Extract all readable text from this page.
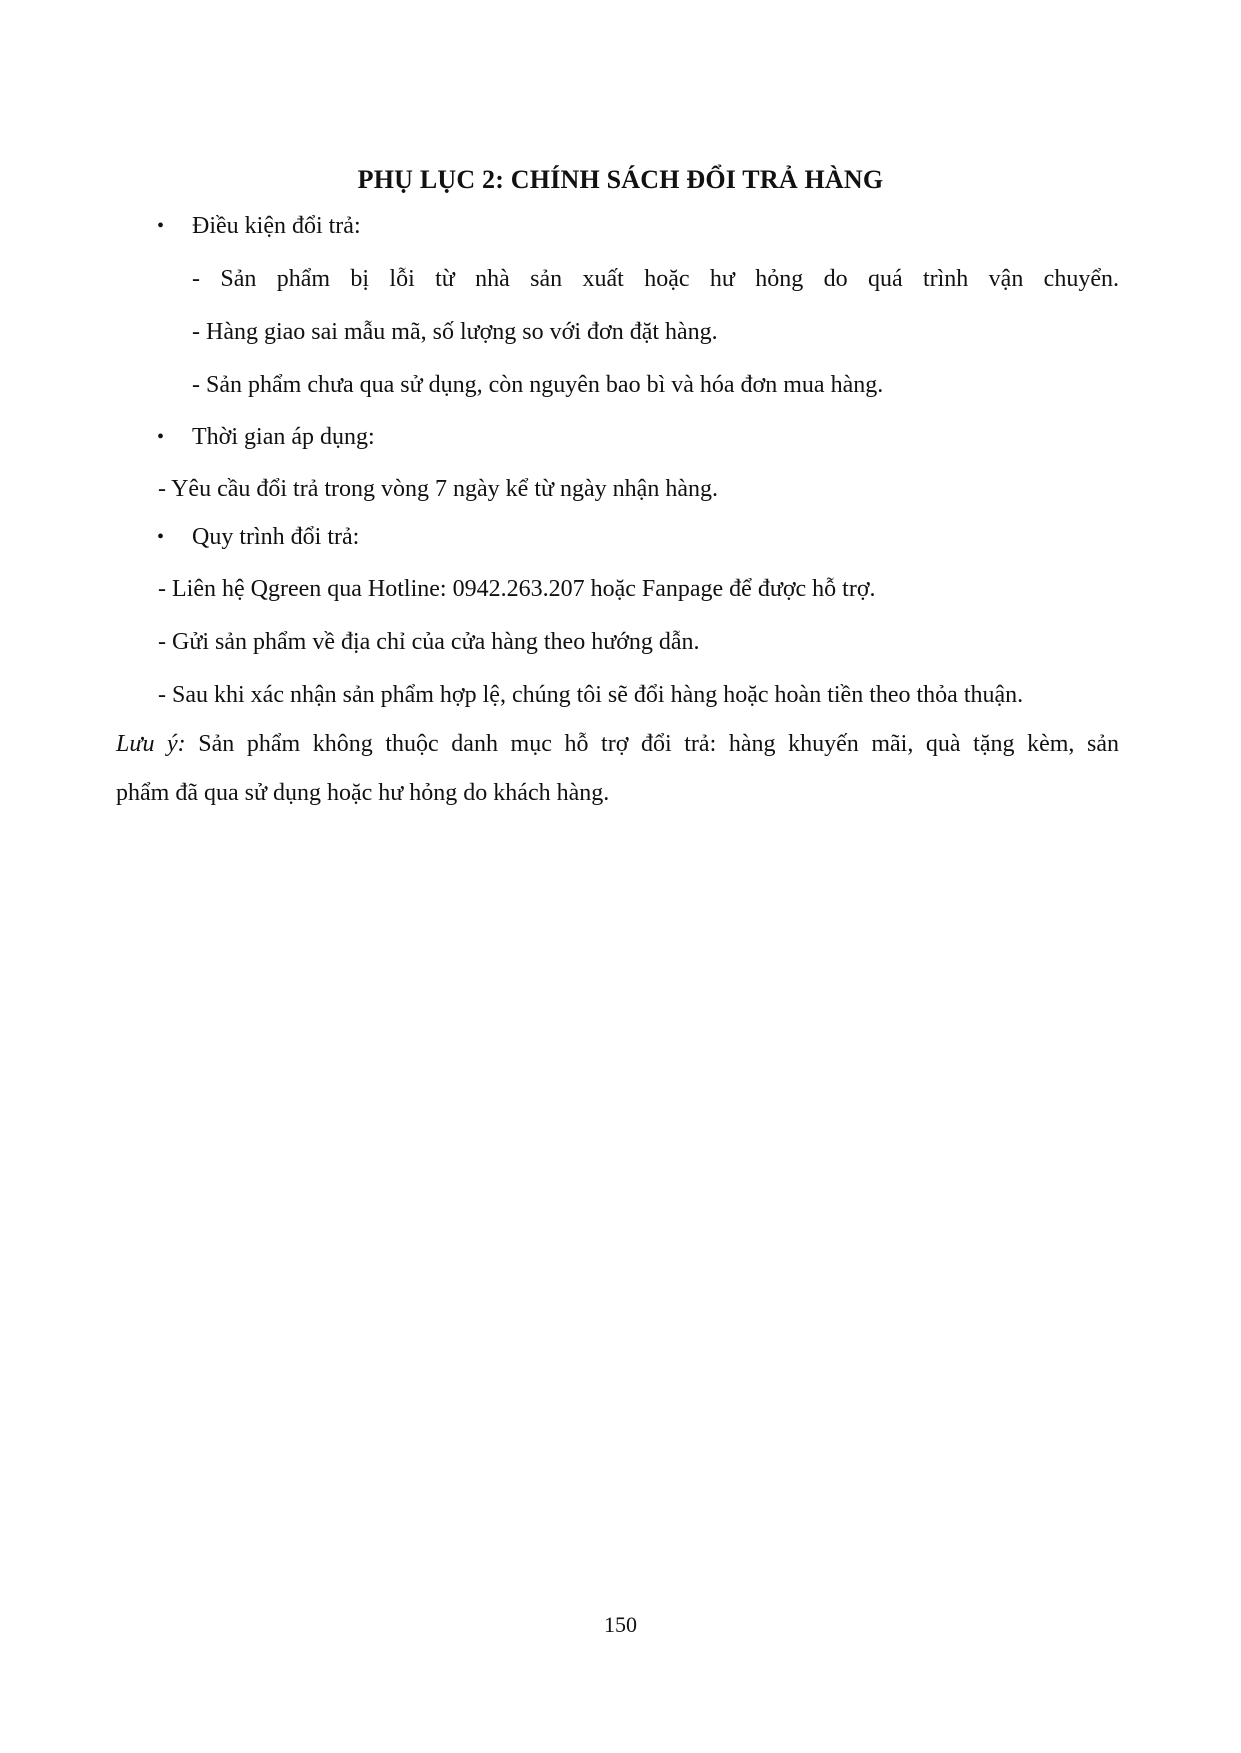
PHỤ LỤC 2: CHÍNH SÁCH ĐỔI TRẢ HÀNG
• Điều kiện đổi trả:
- Sản phẩm bị lỗi từ nhà sản xuất hoặc hư hỏng do quá trình vận chuyển.
- Hàng giao sai mẫu mã, số lượng so với đơn đặt hàng.
- Sản phẩm chưa qua sử dụng, còn nguyên bao bì và hóa đơn mua hàng.
• Thời gian áp dụng:
- Yêu cầu đổi trả trong vòng 7 ngày kể từ ngày nhận hàng.
• Quy trình đổi trả:
- Liên hệ Qgreen qua Hotline: 0942.263.207 hoặc Fanpage để được hỗ trợ.
- Gửi sản phẩm về địa chỉ của cửa hàng theo hướng dẫn.
- Sau khi xác nhận sản phẩm hợp lệ, chúng tôi sẽ đổi hàng hoặc hoàn tiền theo thỏa thuận.
Lưu ý: Sản phẩm không thuộc danh mục hỗ trợ đổi trả: hàng khuyến mãi, quà tặng kèm, sản
phẩm đã qua sử dụng hoặc hư hỏng do khách hàng.
150
